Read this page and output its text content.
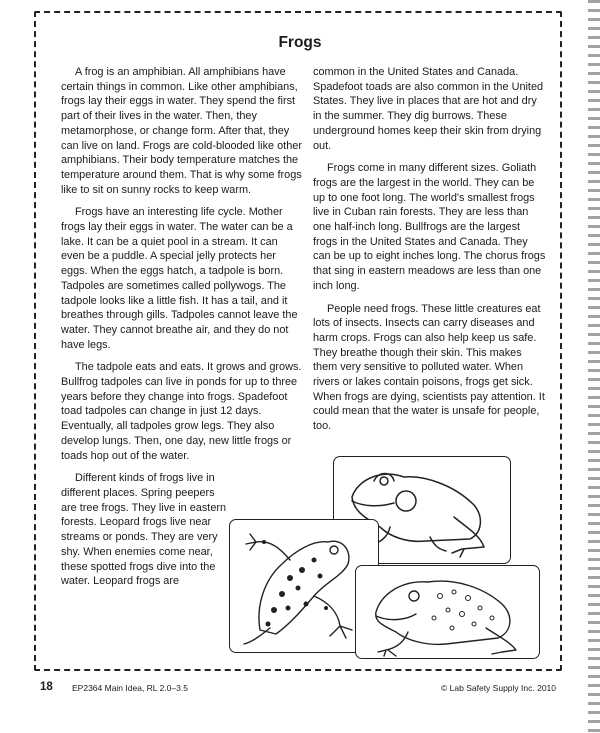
Frogs

A frog is an amphibian. All amphibians have certain things in common. Like other amphibians, frogs lay their eggs in water. They spend the first part of their lives in the water. Then, they metamorphose, or change form. After that, they can live on land. Frogs are cold-blooded like other amphibians. Their body temperature matches the temperature around them. That is why some frogs like to sit on sunny rocks to keep warm.

Frogs have an interesting life cycle. Mother frogs lay their eggs in water. The water can be a lake. It can be a quiet pool in a stream. It can even be a puddle. A special jelly protects her eggs. When the eggs hatch, a tadpole is born. Tadpoles are sometimes called pollywogs. The tadpole looks like a little fish. It has a tail, and it breathes through gills. Tadpoles cannot leave the water. They cannot breathe air, and they do not have legs.

The tadpole eats and eats. It grows and grows. Bullfrog tadpoles can live in ponds for up to three years before they change into frogs. Spadefoot toad tadpoles can change in just 12 days. Eventually, all tadpoles grow legs. They also develop lungs. Then, one day, new little frogs or toads hop out of the water.

Different kinds of frogs live in different places. Spring peepers are tree frogs. They live in eastern forests. Leopard frogs live near streams or ponds. They are very shy. When enemies come near, these spotted frogs dive into the water. Leopard frogs are

common in the United States and Canada. Spadefoot toads are also common in the United States. They live in places that are hot and dry in the summer. They dig burrows. These underground homes keep their skin from drying out.

Frogs come in many different sizes. Goliath frogs are the largest in the world. They can be up to one foot long. The world's smallest frogs live in Cuban rain forests. They are less than one half-inch long. Bullfrogs are the largest frogs in the United States and Canada. They can be up to eight inches long. The chorus frogs that sing in eastern meadows are less than one inch long.

People need frogs. These little creatures eat lots of insects. Insects can carry diseases and harm crops. Frogs can also help keep us safe. They breathe though their skin. This makes them very sensitive to polluted water. When rivers or lakes contain poisons, frogs get sick. When frogs are dying, scientists pay attention. It could mean that the water is unsafe for people, too.

18 EP2364 Main Idea, RL 2.0–3.5	© Lab Safety Supply Inc. 2010
